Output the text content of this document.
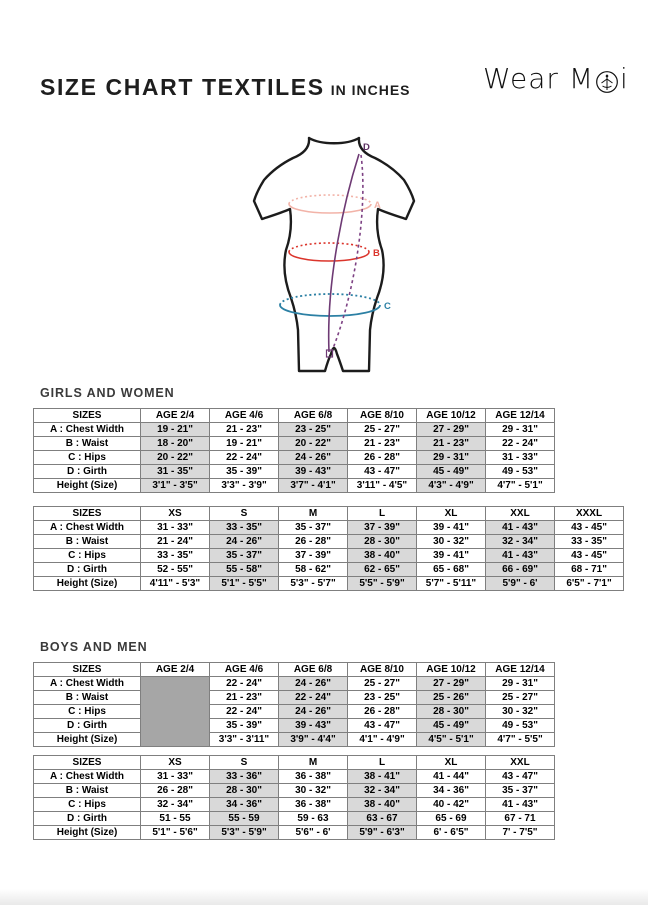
SIZE CHART TEXTILES IN INCHES	Wear M i
D
A
B
C
GIRLS AND WOMEN
SIZES	AGE 2/4	AGE 4/6	AGE 6/8	AGE 8/10	AGE 10/12	AGE 12/14
A : Chest Width	19 - 21"	21 - 23"	23 - 25"	25 - 27"	27 - 29"	29 - 31"
B : Waist	18 - 20"	19 - 21"	20 - 22"	21 - 23"	21 - 23"	22 - 24"
C : Hips	20 - 22"	22 - 24"	24 - 26"	26 - 28"	29 - 31"	31 - 33"
D : Girth	31 - 35"	35 - 39"	39 - 43"	43 - 47"	45 - 49"	49 - 53"
Height (Size)	3'1" - 3'5"	3'3" - 3'9"	3'7" - 4'1"	3'11" - 4'5"	4'3" - 4'9"	4'7" - 5'1"
SIZES	XS	S	M	L	XL	XXL	XXXL
A : Chest Width	31 - 33"	33 - 35"	35 - 37"	37 - 39"	39 - 41"	41 - 43"	43 - 45"
B : Waist	21 - 24"	24 - 26"	26 - 28"	28 - 30"	30 - 32"	32 - 34"	33 - 35"
C : Hips	33 - 35"	35 - 37"	37 - 39"	38 - 40"	39 - 41"	41 - 43"	43 - 45"
D : Girth	52 - 55"	55 - 58"	58 - 62"	62 - 65"	65 - 68"	66 - 69"	68 - 71"
Height (Size)	4'11" - 5'3"	5'1" - 5'5"	5'3" - 5'7"	5'5" - 5'9"	5'7" - 5'11"	5'9" - 6'	6'5" - 7'1"
BOYS AND MEN
SIZES	AGE 2/4	AGE 4/6	AGE 6/8	AGE 8/10	AGE 10/12	AGE 12/14
A : Chest Width		22 - 24"	24 - 26"	25 - 27"	27 - 29"	29 - 31"
B : Waist		21 - 23"	22 - 24"	23 - 25"	25 - 26"	25 - 27"
C : Hips		22 - 24"	24 - 26"	26 - 28"	28 - 30"	30 - 32"
D : Girth		35 - 39"	39 - 43"	43 - 47"	45 - 49"	49 - 53"
Height (Size)		3'3" - 3'11"	3'9" - 4'4"	4'1" - 4'9"	4'5" - 5'1"	4'7" - 5'5"
SIZES	XS	S	M	L	XL	XXL
A : Chest Width	31 - 33"	33 - 36"	36 - 38"	38 - 41"	41 - 44"	43 - 47"
B : Waist	26 - 28"	28 - 30"	30 - 32"	32 - 34"	34 - 36"	35 - 37"
C : Hips	32 - 34"	34 - 36"	36 - 38"	38 - 40"	40 - 42"	41 - 43"
D : Girth	51 - 55	55 - 59	59 - 63	63 - 67	65 - 69	67 - 71
Height (Size)	5'1" - 5'6"	5'3" - 5'9"	5'6" - 6'	5'9" - 6'3"	6' - 6'5"	7' - 7'5"
